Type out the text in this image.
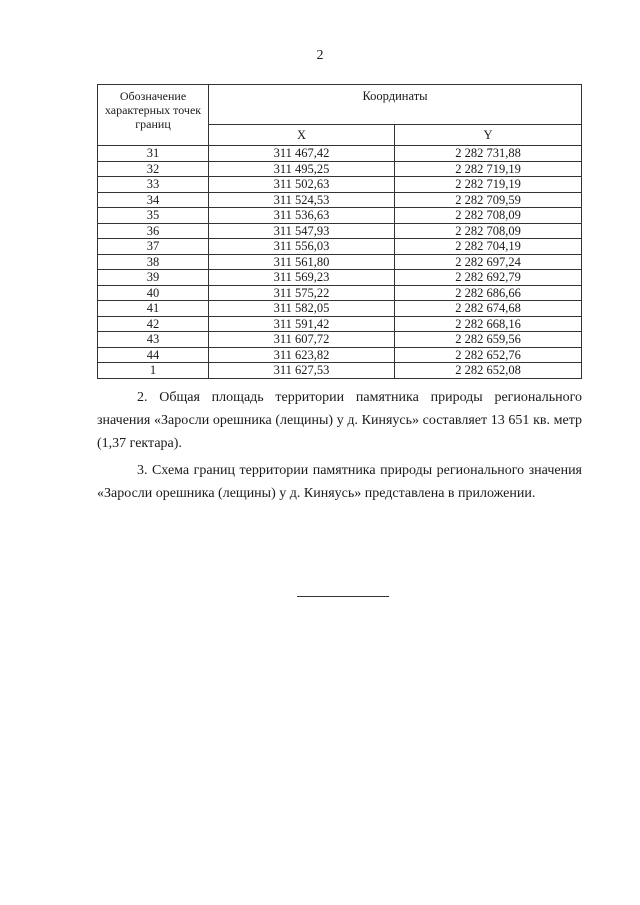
2
Обозначение характерных точек границ	Координаты	
	X	Y
31	311 467,42	2 282 731,88
32	311 495,25	2 282 719,19
33	311 502,63	2 282 719,19
34	311 524,53	2 282 709,59
35	311 536,63	2 282 708,09
36	311 547,93	2 282 708,09
37	311 556,03	2 282 704,19
38	311 561,80	2 282 697,24
39	311 569,23	2 282 692,79
40	311 575,22	2 282 686,66
41	311 582,05	2 282 674,68
42	311 591,42	2 282 668,16
43	311 607,72	2 282 659,56
44	311 623,82	2 282 652,76
1	311 627,53	2 282 652,08
2. Общая площадь территории памятника природы регионального значения «Заросли орешника (лещины) у д. Киняусь» составляет 13 651 кв. метр (1,37 гектара).
3. Схема границ территории памятника природы регионального значения «Заросли орешника (лещины) у д. Киняусь» представлена в приложении.
